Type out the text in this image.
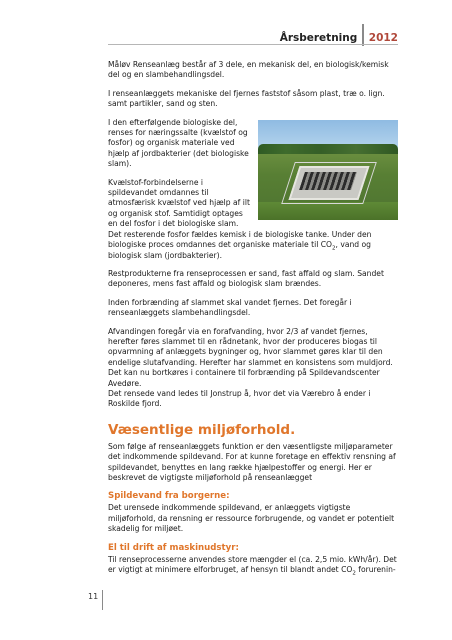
Årsberetning 2012

Måløv Renseanlæg består af 3 dele, en mekanisk del, en biologisk/kemisk del og en slambehandlingsdel.

I renseanlæggets mekaniske del fjernes faststof såsom plast, træ o. lign. samt partikler, sand og sten.

I den efterfølgende biologiske del, renses for næringssalte (kvælstof og fosfor) og organisk materiale ved hjælp af jordbakterier (det biologiske slam).

Kvælstof-forbindelserne i spildevandet omdannes til atmosfærisk kvælstof ved hjælp af ilt og organisk stof. Samtidigt optages en del fosfor i det biologiske slam. Det resterende fosfor fældes kemisk i de biologiske tanke. Under den biologiske proces omdannes det organiske materiale til $CO_2$, vand og biologisk slam (jordbakterier).

Restprodukterne fra renseprocessen er sand, fast affald og slam. Sandet deponeres, mens fast affald og biologisk slam brændes.

Inden forbrænding af slammet skal vandet fjernes. Det foregår i renseanlæggets slambehandlingsdel.

Afvandingen foregår via en forafvanding, hvor 2/3 af vandet fjernes, herefter føres slammet til en rådnetank, hvor der produceres biogas til opvarmning af anlæggets bygninger og, hvor slammet gøres klar til den endelige slutafvanding. Herefter har slammet en konsistens som muldjord. Det kan nu bortkøres i containere til forbrænding på Spildevandscenter Avedøre.

Det rensede vand ledes til Jonstrup å, hvor det via Værebro å ender i Roskilde fjord.

Væsentlige miljøforhold.

Som følge af renseanlæggets funktion er den væsentligste miljøparameter det indkommende spildevand. For at kunne foretage en effektiv rensning af spildevandet, benyttes en lang række hjælpestoffer og energi. Her er beskrevet de vigtigste miljøforhold på renseanlægget

Spildevand fra borgerne:

Det urensede indkommende spildevand, er anlæggets vigtigste miljøforhold, da rensning er ressource forbrugende, og vandet er potentielt skadelig for miljøet.

El til drift af maskinudstyr:

Til renseprocesserne anvendes store mængder el (ca. 2,5 mio. kWh/år). Det er vigtigt at minimere elforbruget, af hensyn til blandt andet $CO_2$ forurenin-

11
